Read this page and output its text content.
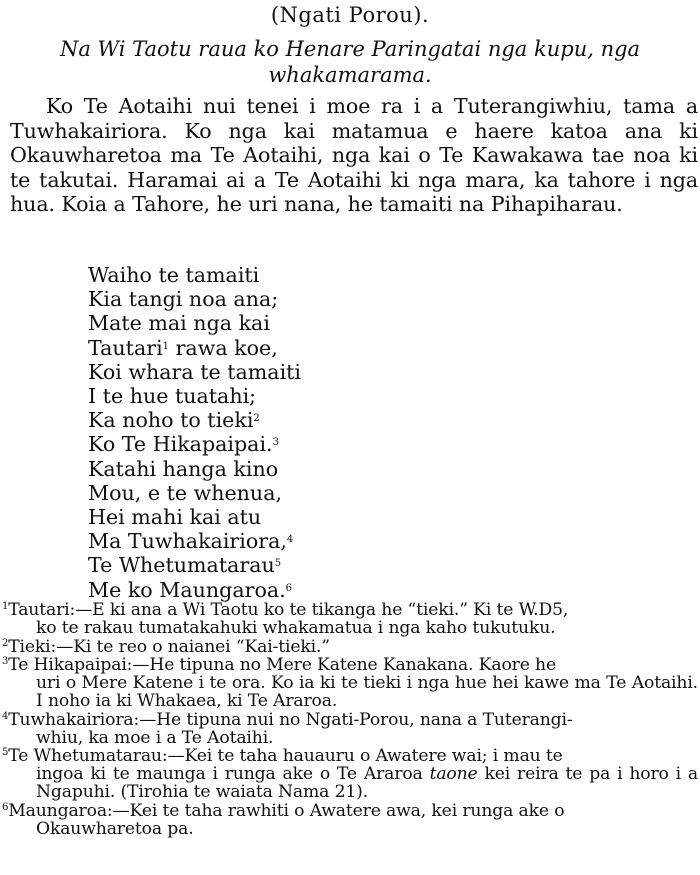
(Ngati Porou).
Na Wi Taotu raua ko Henare Paringatai nga kupu, nga
whakamarama.

Ko Te Aotaihi nui tenei i moe ra i a Tuterangiwhiu, tama a Tuwhakairiora. Ko nga kai matamua e haere katoa ana ki Okauwharetoa ma Te Aotaihi, nga kai o Te Kawakawa tae noa ki te takutai. Haramai ai a Te Aotaihi ki nga mara, ka tahore i nga hua. Koia a Tahore, he uri nana, he tamaiti na Pihapiharau.

Waiho te tamaiti
Kia tangi noa ana;
Mate mai nga kai
Tautari$^1$ rawa koe,
Koi whara te tamaiti
I te hue tuatahi;
Ka noho to tieki$^2$
Ko Te Hikapaipai.$^3$
Katahi hanga kino
Mou, e te whenua,
Hei mahi kai atu
Ma Tuwhakairiora,$^4$
Te Whetumatarau$^5$
Me ko Maungaroa.$^6$
$^1$Tautari:—E ki ana a Wi Taotu ko te tikanga he “tieki.” Ki te W.D5,
ko te rakau tumatakahuki whakamatua i nga kaho tukutuku.
$^2$Tieki:—Ki te reo o naianei “Kai-tieki.”
$^3$Te Hikapaipai:—He tipuna no Mere Katene Kanakana. Kaore he
uri o Mere Katene i te ora. Ko ia ki te tieki i nga hue hei kawe ma Te Aotaihi. I noho ia ki Whakaea, ki Te Araroa.
$^4$Tuwhakairiora:—He tipuna nui no Ngati-Porou, nana a Tuterangi-
whiu, ka moe i a Te Aotaihi.
$^5$Te Whetumatarau:—Kei te taha hauauru o Awatere wai; i mau te
ingoa ki te maunga i runga ake o Te Araroa taone kei reira te pa i horo i a Ngapuhi. (Tirohia te waiata Nama 21).
$^6$Maungaroa:—Kei te taha rawhiti o Awatere awa, kei runga ake o
Okauwharetoa pa.
